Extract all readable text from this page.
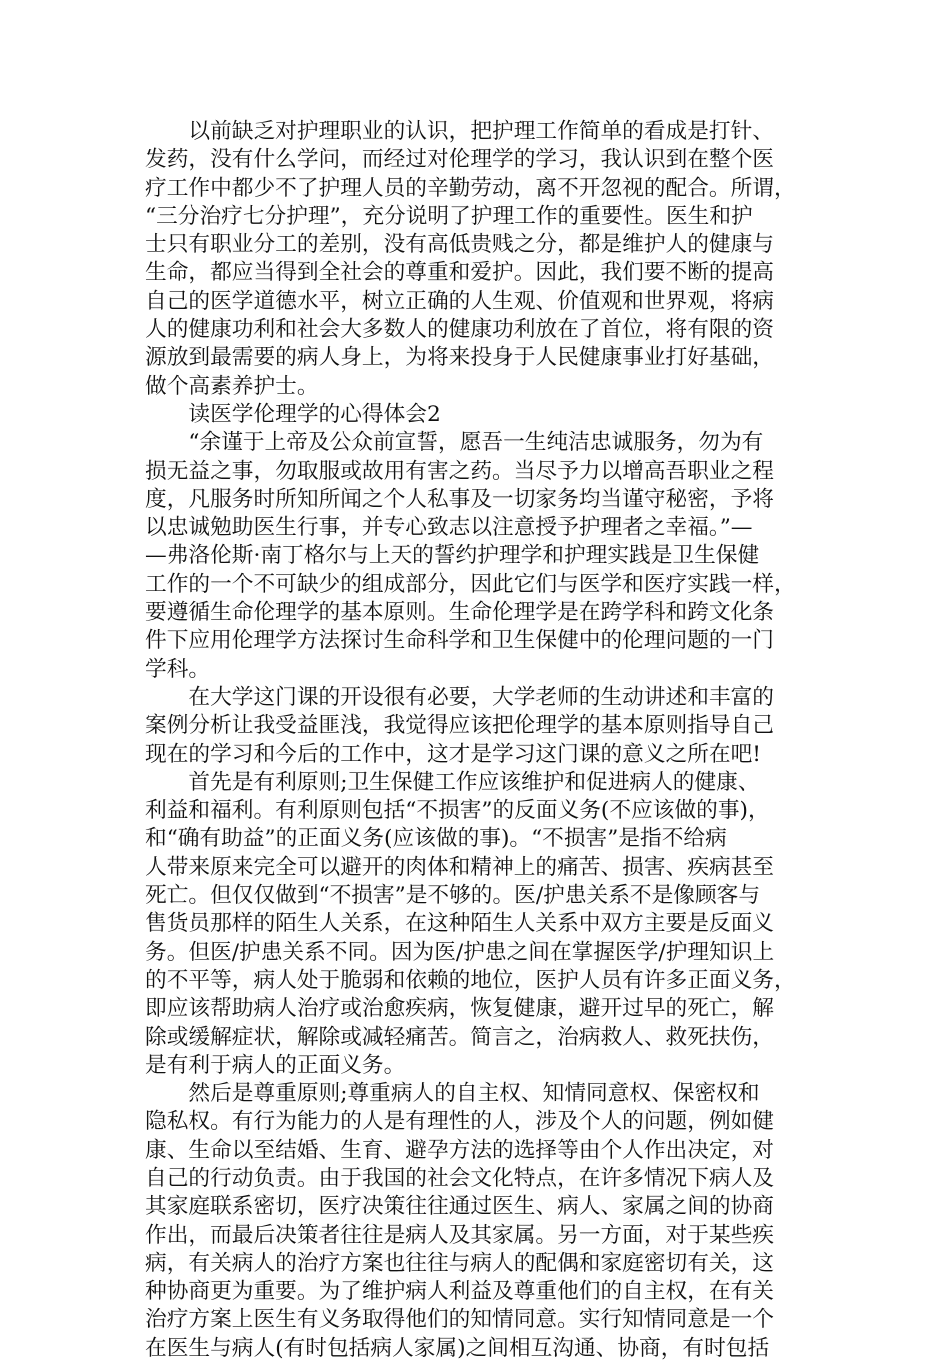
　　以前缺乏对护理职业的认识，把护理工作简单的看成是打针、
发药，没有什么学问，而经过对伦理学的学习，我认识到在整个医
疗工作中都少不了护理人员的辛勤劳动，离不开忽视的配合。所谓，
“三分治疗七分护理”，充分说明了护理工作的重要性。医生和护
士只有职业分工的差别，没有高低贵贱之分，都是维护人的健康与
生命，都应当得到全社会的尊重和爱护。因此，我们要不断的提高
自己的医学道德水平，树立正确的人生观、价值观和世界观，将病
人的健康功利和社会大多数人的健康功利放在了首位，将有限的资
源放到最需要的病人身上，为将来投身于人民健康事业打好基础，
做个高素养护士。
　　读医学伦理学的心得体会2
　　“余谨于上帝及公众前宣誓，愿吾一生纯洁忠诚服务，勿为有
损无益之事，勿取服或故用有害之药。当尽予力以增高吾职业之程
度，凡服务时所知所闻之个人私事及一切家务均当谨守秘密，予将
以忠诚勉助医生行事，并专心致志以注意授予护理者之幸福。”—
—弗洛伦斯·南丁格尔与上天的誓约护理学和护理实践是卫生保健
工作的一个不可缺少的组成部分，因此它们与医学和医疗实践一样，
要遵循生命伦理学的基本原则。生命伦理学是在跨学科和跨文化条
件下应用伦理学方法探讨生命科学和卫生保健中的伦理问题的一门
学科。
　　在大学这门课的开设很有必要，大学老师的生动讲述和丰富的
案例分析让我受益匪浅，我觉得应该把伦理学的基本原则指导自己
现在的学习和今后的工作中，这才是学习这门课的意义之所在吧!
　　首先是有利原则;卫生保健工作应该维护和促进病人的健康、
利益和福利。有利原则包括“不损害”的反面义务(不应该做的事)，
和“确有助益”的正面义务(应该做的事)。“不损害”是指不给病
人带来原来完全可以避开的肉体和精神上的痛苦、损害、疾病甚至
死亡。但仅仅做到“不损害”是不够的。医/护患关系不是像顾客与
售货员那样的陌生人关系，在这种陌生人关系中双方主要是反面义
务。但医/护患关系不同。因为医/护患之间在掌握医学/护理知识上
的不平等，病人处于脆弱和依赖的地位，医护人员有许多正面义务，
即应该帮助病人治疗或治愈疾病，恢复健康，避开过早的死亡，解
除或缓解症状，解除或减轻痛苦。简言之，治病救人、救死扶伤，
是有利于病人的正面义务。
　　然后是尊重原则;尊重病人的自主权、知情同意权、保密权和
隐私权。有行为能力的人是有理性的人，涉及个人的问题，例如健
康、生命以至结婚、生育、避孕方法的选择等由个人作出决定，对
自己的行动负责。由于我国的社会文化特点，在许多情况下病人及
其家庭联系密切，医疗决策往往通过医生、病人、家属之间的协商
作出，而最后决策者往往是病人及其家属。另一方面，对于某些疾
病，有关病人的治疗方案也往往与病人的配偶和家庭密切有关，这
种协商更为重要。为了维护病人利益及尊重他们的自主权，在有关
治疗方案上医生有义务取得他们的知情同意。实行知情同意是一个
在医生与病人(有时包括病人家属)之间相互沟通、协商，有时包括
